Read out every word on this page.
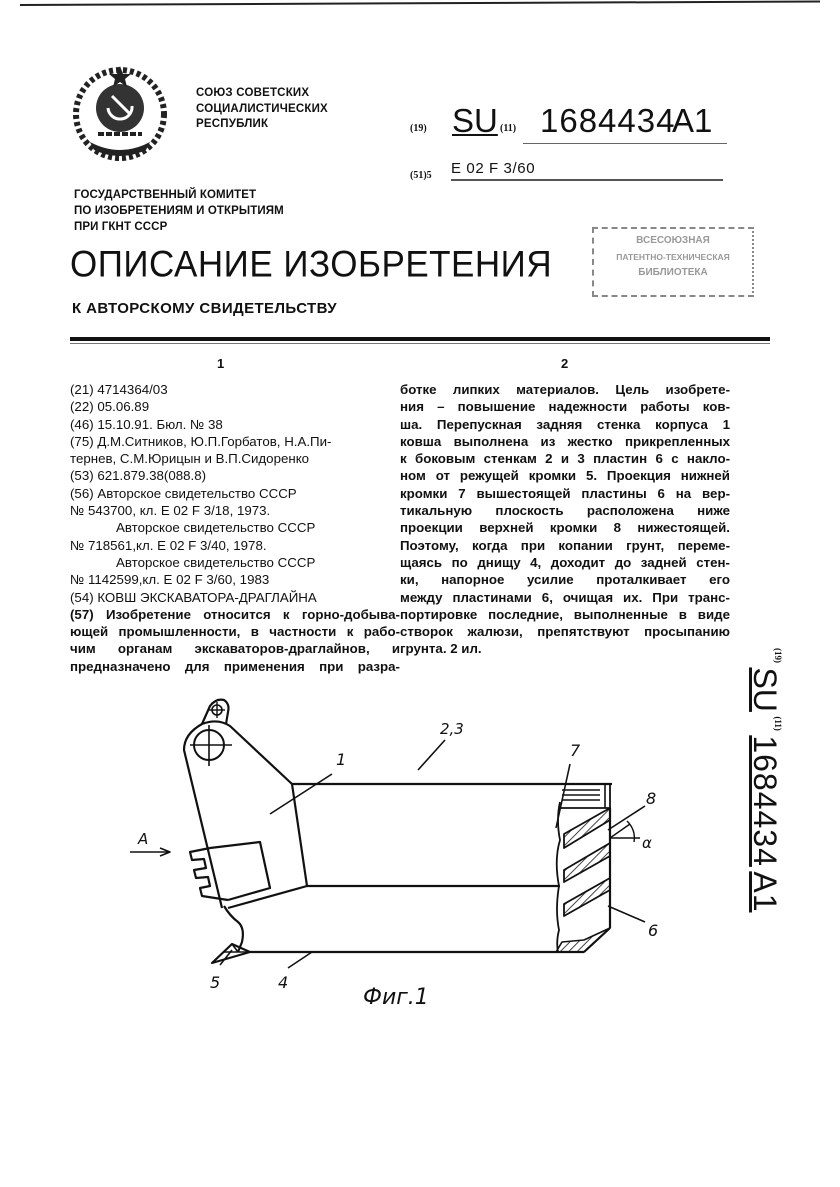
СОЮЗ СОВЕТСКИХ
СОЦИАЛИСТИЧЕСКИХ
РЕСПУБЛИК	(19) SU (11) 1684434
A1
(51)5 E 02 F 3/60
ГОСУДАРСТВЕННЫЙ КОМИТЕТ
ПО ИЗОБРЕТЕНИЯМ И ОТКРЫТИЯМ
ПРИ ГКНТ СССР
ВСЕСОЮЗНАЯ
ПАТЕНТНО-ТЕХНИЧЕСКАЯ
БИБЛИОТЕКА
ОПИСАНИЕ ИЗОБРЕТЕНИЯ
К АВТОРСКОМУ СВИДЕТЕЛЬСТВУ
1	2

(21) 4714364/03

(22) 05.06.89

(46) 15.10.91. Бюл. № 38

(75) Д.М.Ситников, Ю.П.Горбатов, Н.А.Пи-

тернев, С.М.Юрицын и В.П.Сидоренко

(53) 621.879.38(088.8)

(56) Авторское свидетельство СССР

№ 543700, кл. Е 02 F 3/18, 1973.

Авторское свидетельство СССР

№ 718561,кл. Е 02 F 3/40, 1978.

Авторское свидетельство СССР

№ 1142599,кл. Е 02 F 3/60, 1983

(54) КОВШ ЭКСКАВАТОРА-ДРАГЛАЙНА

(57) Изобретение относится к горно-добыва-

ющей промышленности, в частности к рабо-

чим органам экскаваторов-драглайнов, и

предназначено для применения при разра-

ботке липких материалов. Цель изобрете-

ния – повышение надежности работы ков-

ша. Перепускная задняя стенка корпуса 1

ковша выполнена из жестко прикрепленных

к боковым стенкам 2 и 3 пластин 6 с накло-

ном от режущей кромки 5. Проекция нижней

кромки 7 вышестоящей пластины 6 на вер-

тикальную плоскость расположена ниже

проекции верхней кромки 8 нижестоящей.

Поэтому, когда при копании грунт, переме-

щаясь по днищу 4, доходит до задней стен-

ки, напорное усилие проталкивает его

между пластинами 6, очищая их. При транс-

портировке последние, выполненные в виде

створок жалюзи, препятствуют просыпанию

грунта. 2 ил.	$^{(19)}$ SU $^{(11)}$ 1684434 A1
A
1
2,3
7
8
α
6
5	4
Фиг.1
